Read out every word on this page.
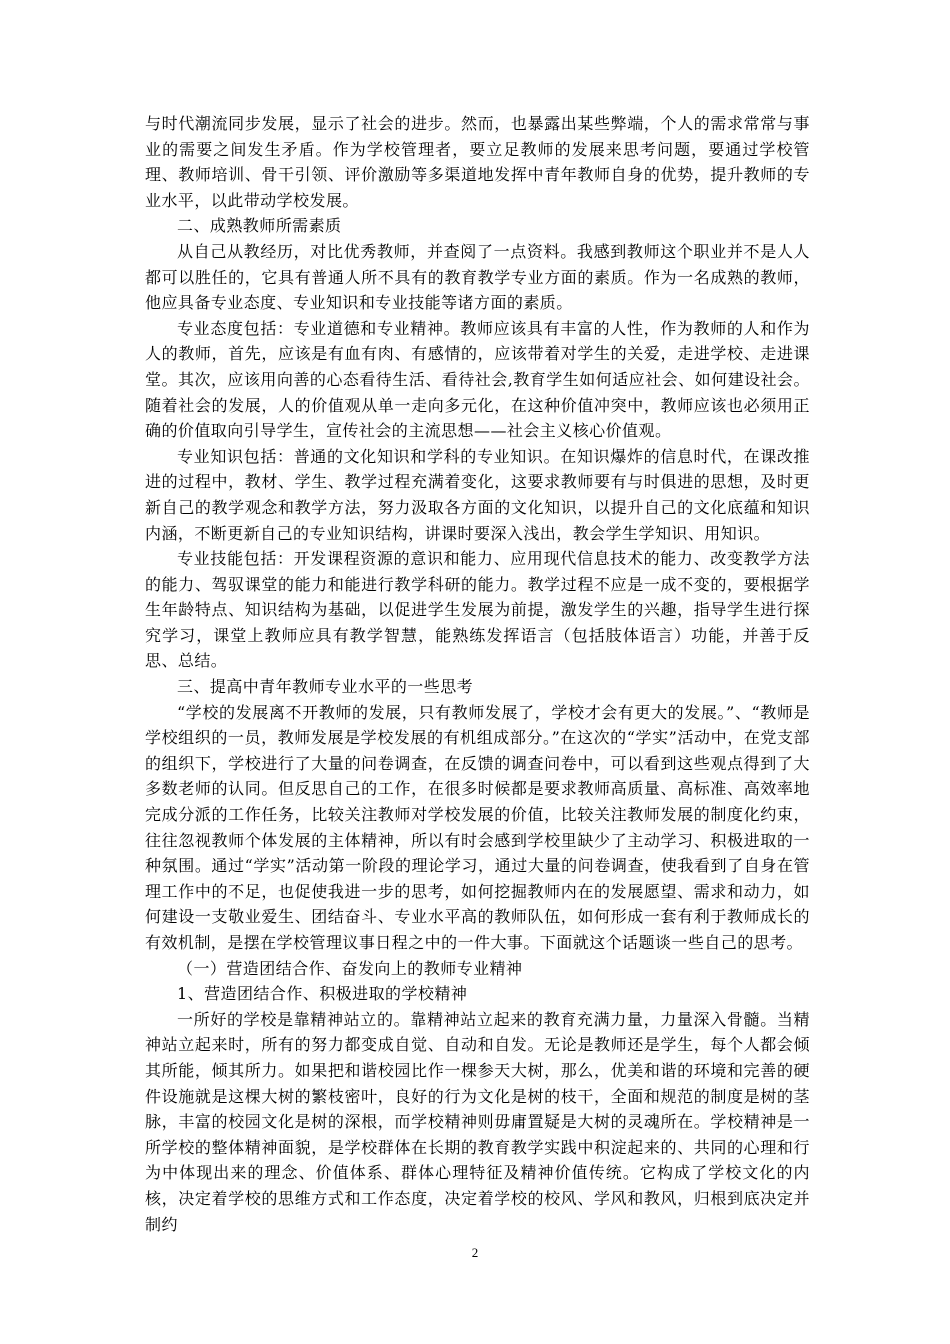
与时代潮流同步发展，显示了社会的进步。然而，也暴露出某些弊端，个人的需求常常与事业的需要之间发生矛盾。作为学校管理者，要立足教师的发展来思考问题，要通过学校管理、教师培训、骨干引领、评价激励等多渠道地发挥中青年教师自身的优势，提升教师的专业水平，以此带动学校发展。

二、成熟教师所需素质

从自己从教经历，对比优秀教师，并查阅了一点资料。我感到教师这个职业并不是人人都可以胜任的，它具有普通人所不具有的教育教学专业方面的素质。作为一名成熟的教师，他应具备专业态度、专业知识和专业技能等诸方面的素质。

专业态度包括：专业道德和专业精神。教师应该具有丰富的人性，作为教师的人和作为人的教师，首先，应该是有血有肉、有感情的，应该带着对学生的关爱，走进学校、走进课堂。其次，应该用向善的心态看待生活、看待社会,教育学生如何适应社会、如何建设社会。随着社会的发展，人的价值观从单一走向多元化，在这种价值冲突中，教师应该也必须用正确的价值取向引导学生，宣传社会的主流思想——社会主义核心价值观。

专业知识包括：普通的文化知识和学科的专业知识。在知识爆炸的信息时代，在课改推进的过程中，教材、学生、教学过程充满着变化，这要求教师要有与时俱进的思想，及时更新自己的教学观念和教学方法，努力汲取各方面的文化知识，以提升自己的文化底蕴和知识内涵，不断更新自己的专业知识结构，讲课时要深入浅出，教会学生学知识、用知识。

专业技能包括：开发课程资源的意识和能力、应用现代信息技术的能力、改变教学方法的能力、驾驭课堂的能力和能进行教学科研的能力。教学过程不应是一成不变的，要根据学生年龄特点、知识结构为基础，以促进学生发展为前提，激发学生的兴趣，指导学生进行探究学习，课堂上教师应具有教学智慧，能熟练发挥语言（包括肢体语言）功能，并善于反思、总结。

三、提高中青年教师专业水平的一些思考

“学校的发展离不开教师的发展，只有教师发展了，学校才会有更大的发展。”、“教师是学校组织的一员，教师发展是学校发展的有机组成部分。”在这次的“学实”活动中，在党支部的组织下，学校进行了大量的问卷调查，在反馈的调查问卷中，可以看到这些观点得到了大多数老师的认同。但反思自己的工作，在很多时候都是要求教师高质量、高标准、高效率地完成分派的工作任务，比较关注教师对学校发展的价值，比较关注教师发展的制度化约束，往往忽视教师个体发展的主体精神，所以有时会感到学校里缺少了主动学习、积极进取的一种氛围。通过“学实”活动第一阶段的理论学习，通过大量的问卷调查，使我看到了自身在管理工作中的不足，也促使我进一步的思考，如何挖掘教师内在的发展愿望、需求和动力，如何建设一支敬业爱生、团结奋斗、专业水平高的教师队伍，如何形成一套有利于教师成长的有效机制，是摆在学校管理议事日程之中的一件大事。下面就这个话题谈一些自己的思考。

（一）营造团结合作、奋发向上的教师专业精神

1、营造团结合作、积极进取的学校精神

一所好的学校是靠精神站立的。靠精神站立起来的教育充满力量，力量深入骨髓。当精神站立起来时，所有的努力都变成自觉、自动和自发。无论是教师还是学生，每个人都会倾其所能，倾其所力。如果把和谐校园比作一棵参天大树，那么，优美和谐的环境和完善的硬件设施就是这棵大树的繁枝密叶，良好的行为文化是树的枝干，全面和规范的制度是树的茎脉，丰富的校园文化是树的深根，而学校精神则毋庸置疑是大树的灵魂所在。学校精神是一所学校的整体精神面貌，是学校群体在长期的教育教学实践中积淀起来的、共同的心理和行为中体现出来的理念、价值体系、群体心理特征及精神价值传统。它构成了学校文化的内核，决定着学校的思维方式和工作态度，决定着学校的校风、学风和教风，归根到底决定并制约

2
